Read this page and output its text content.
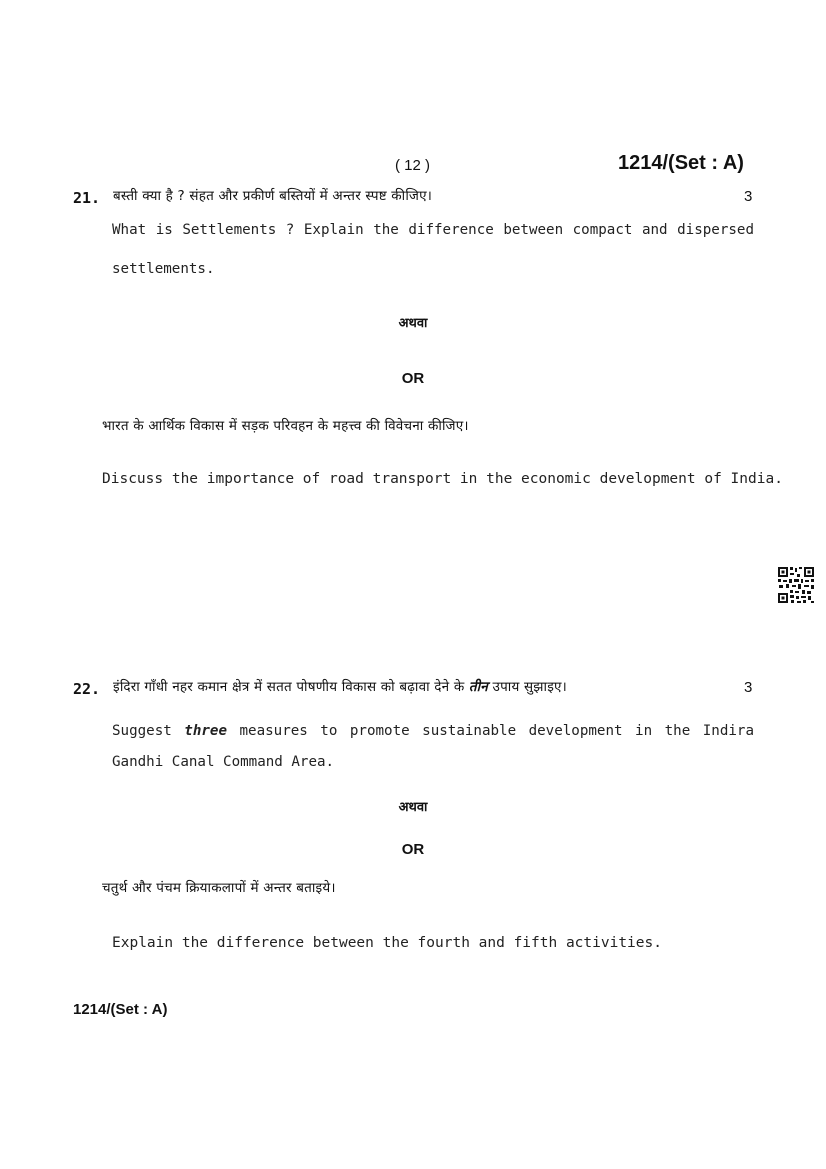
( 12 )	1214/(Set : A)
21. बस्ती क्या है ? संहत और प्रकीर्ण बस्तियों में अन्तर स्पष्ट कीजिए।	3
What is Settlements ? Explain the difference between compact and dispersed
settlements.
अथवा
OR
भारत के आर्थिक विकास में सड़क परिवहन के महत्त्व की विवेचना कीजिए।
Discuss the importance of road transport in the economic development of India.
22. इंदिरा गाँधी नहर कमान क्षेत्र में सतत पोषणीय विकास को बढ़ावा देने के तीन उपाय सुझाइए।	3
Suggest three measures to promote sustainable development in the Indira
Gandhi Canal Command Area.
अथवा
OR
चतुर्थ और पंचम क्रियाकलापों में अन्तर बताइये।
Explain the difference between the fourth and fifth activities.
1214/(Set : A)
